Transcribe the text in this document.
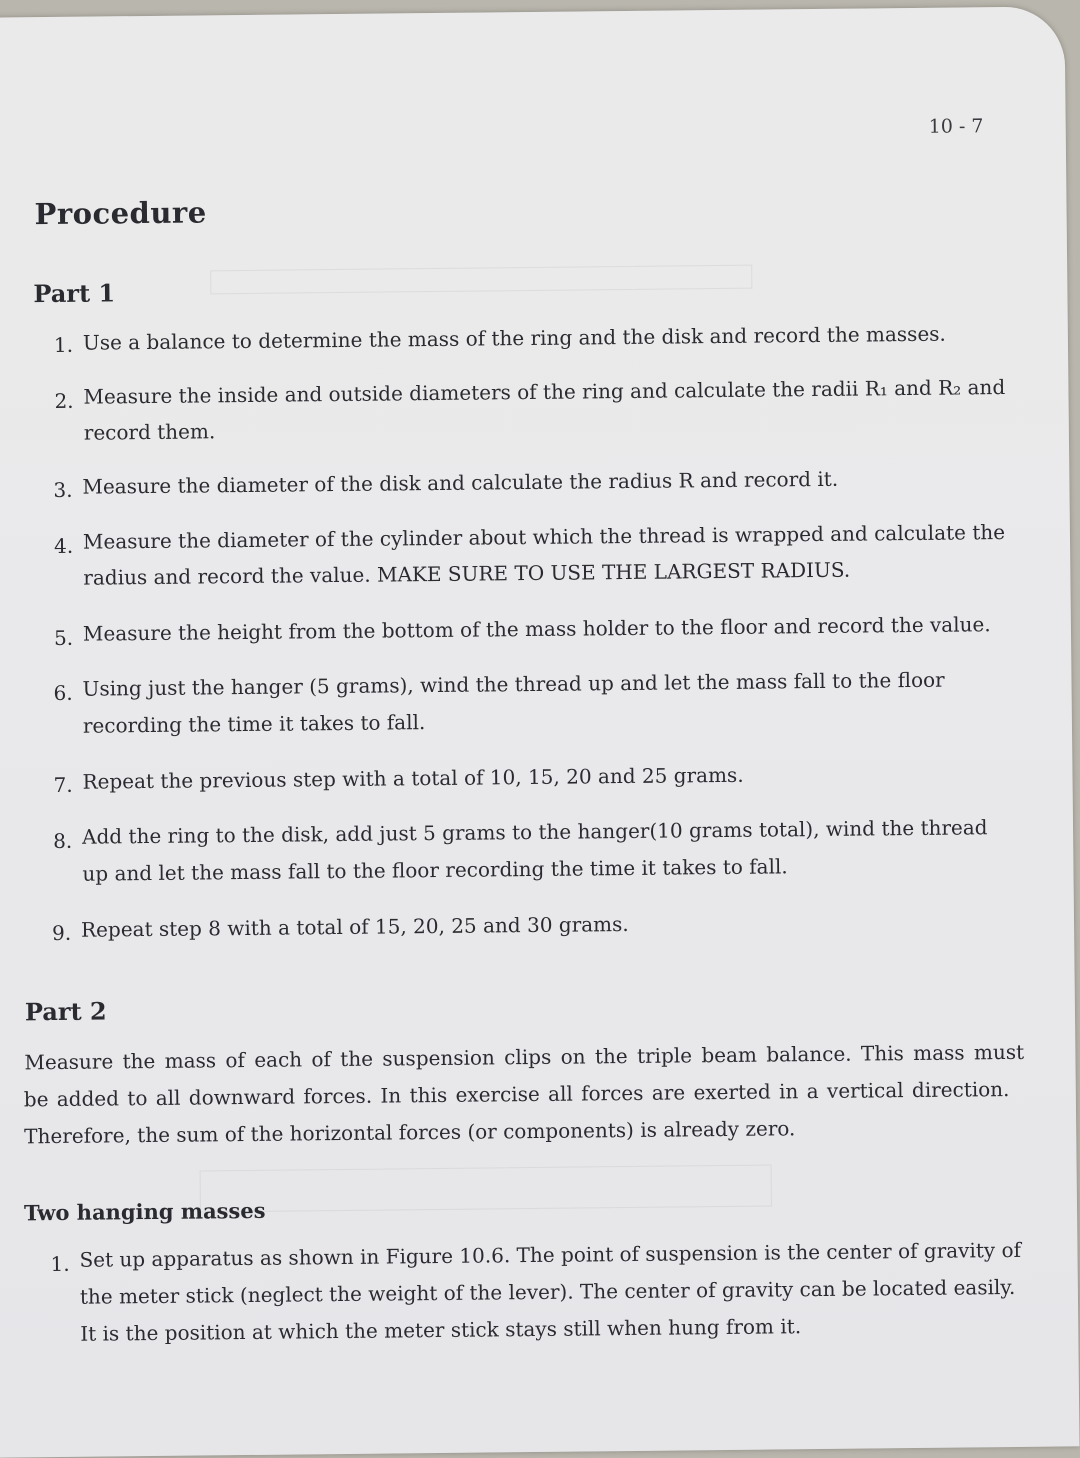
10 - 7
Procedure
Part 1
1. Use a balance to determine the mass of the ring and the disk and record the masses.
2. Measure the inside and outside diameters of the ring and calculate the radii R₁ and R₂ and
record them.
3. Measure the diameter of the disk and calculate the radius R and record it.
4. Measure the diameter of the cylinder about which the thread is wrapped and calculate the
radius and record the value. MAKE SURE TO USE THE LARGEST RADIUS.
5. Measure the height from the bottom of the mass holder to the floor and record the value.
6. Using just the hanger (5 grams), wind the thread up and let the mass fall to the floor
recording the time it takes to fall.
7. Repeat the previous step with a total of 10, 15, 20 and 25 grams.
8. Add the ring to the disk, add just 5 grams to the hanger(10 grams total), wind the thread
up and let the mass fall to the floor recording the time it takes to fall.
9. Repeat step 8 with a total of 15, 20, 25 and 30 grams.
Part 2
Measure the mass of each of the suspension clips on the triple beam balance. This mass must
be added to all downward forces. In this exercise all forces are exerted in a vertical direction.
Therefore, the sum of the horizontal forces (or components) is already zero.
Two hanging masses
1. Set up apparatus as shown in Figure 10.6. The point of suspension is the center of gravity of
the meter stick (neglect the weight of the lever). The center of gravity can be located easily.
It is the position at which the meter stick stays still when hung from it.
